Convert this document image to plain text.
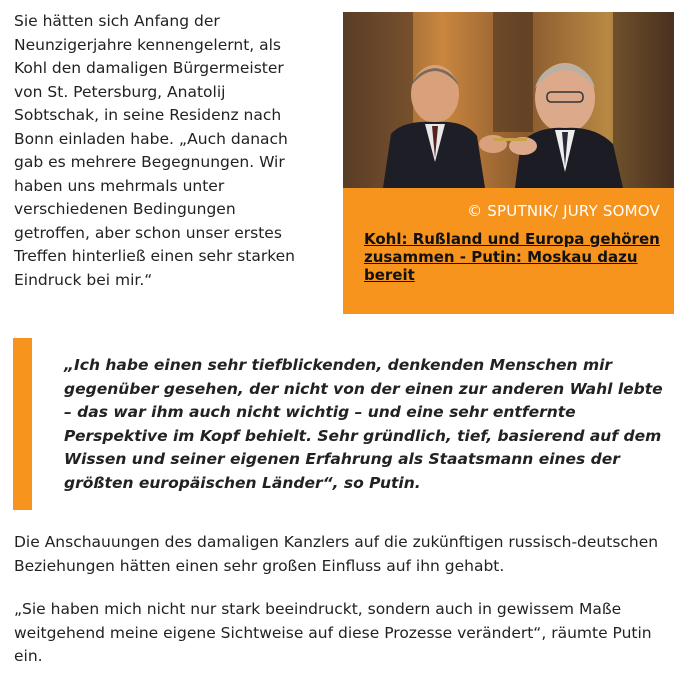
Sie hätten sich Anfang der Neunzigerjahre kennengelernt, als Kohl den damaligen Bürgermeister von St. Petersburg, Anatolij Sobtschak, in seine Residenz nach Bonn einladen habe. „Auch danach gab es mehrere Begegnungen. Wir haben uns mehrmals unter verschiedenen Bedingungen getroffen, aber schon unser erstes Treffen hinterließ einen sehr starken Eindruck bei mir.“

© SPUTNIK/ JURY SOMOV

Kohl: Rußland und Europa gehören zusammen - Putin: Moskau dazu bereit

„Ich habe einen sehr tiefblickenden, denkenden Menschen mir gegenüber gesehen, der nicht von der einen zur anderen Wahl lebte – das war ihm auch nicht wichtig – und eine sehr entfernte Perspektive im Kopf behielt. Sehr gründlich, tief, basierend auf dem Wissen und seiner eigenen Erfahrung als Staatsmann eines der größten europäischen Länder“, so Putin.

Die Anschauungen des damaligen Kanzlers auf die zukünftigen russisch-deutschen Beziehungen hätten einen sehr großen Einfluss auf ihn gehabt.

„Sie haben mich nicht nur stark beeindruckt, sondern auch in gewissem Maße weitgehend meine eigene Sichtweise auf diese Prozesse verändert“, räumte Putin ein.
